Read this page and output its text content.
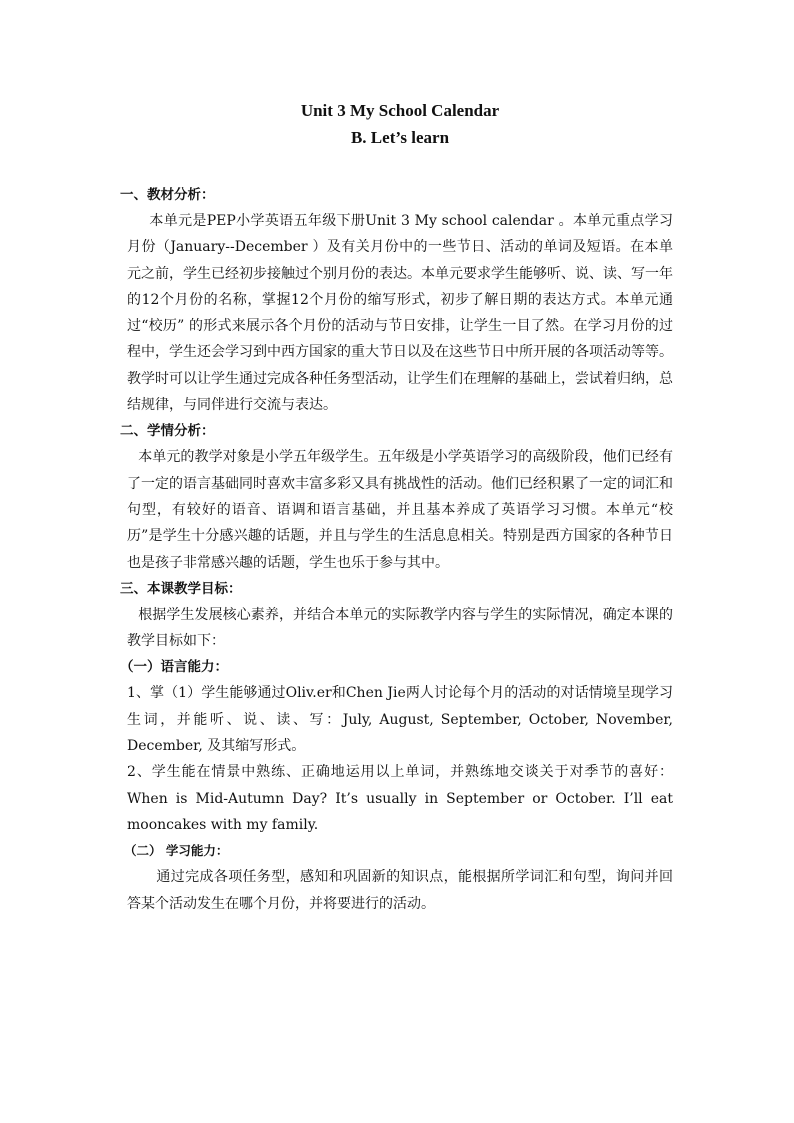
Unit 3 My School Calendar

B. Let’s learn

一、教材分析：

本单元是PEP小学英语五年级下册Unit 3 My school calendar 。本单元重点学习月份（January--December ）及有关月份中的一些节日、活动的单词及短语。在本单元之前，学生已经初步接触过个别月份的表达。本单元要求学生能够听、说、读、写一年的12个月份的名称，掌握12个月份的缩写形式，初步了解日期的表达方式。本单元通过“校历” 的形式来展示各个月份的活动与节日安排，让学生一目了然。在学习月份的过程中，学生还会学习到中西方国家的重大节日以及在这些节日中所开展的各项活动等等。教学时可以让学生通过完成各种任务型活动，让学生们在理解的基础上，尝试着归纳，总结规律，与同伴进行交流与表达。

二、学情分析：

本单元的教学对象是小学五年级学生。五年级是小学英语学习的高级阶段，他们已经有了一定的语言基础同时喜欢丰富多彩又具有挑战性的活动。他们已经积累了一定的词汇和句型，有较好的语音、语调和语言基础，并且基本养成了英语学习习惯。本单元“校历”是学生十分感兴趣的话题，并且与学生的生活息息相关。特别是西方国家的各种节日也是孩子非常感兴趣的话题，学生也乐于参与其中。

三、本课教学目标：

根据学生发展核心素养，并结合本单元的实际教学内容与学生的实际情况，确定本课的教学目标如下：

（一）语言能力：

1、掌（1）学生能够通过Oliv.er和Chen Jie两人讨论每个月的活动的对话情境呈现学习生词，并能听、说、读、写：July, August, September, October, November, December, 及其缩写形式。

2、学生能在情景中熟练、正确地运用以上单词，并熟练地交谈关于对季节的喜好：When is Mid-Autumn Day? It’s usually in September or October. I’ll eat mooncakes with my family.

（二） 学习能力：

通过完成各项任务型，感知和巩固新的知识点，能根据所学词汇和句型，询问并回答某个活动发生在哪个月份，并将要进行的活动。
